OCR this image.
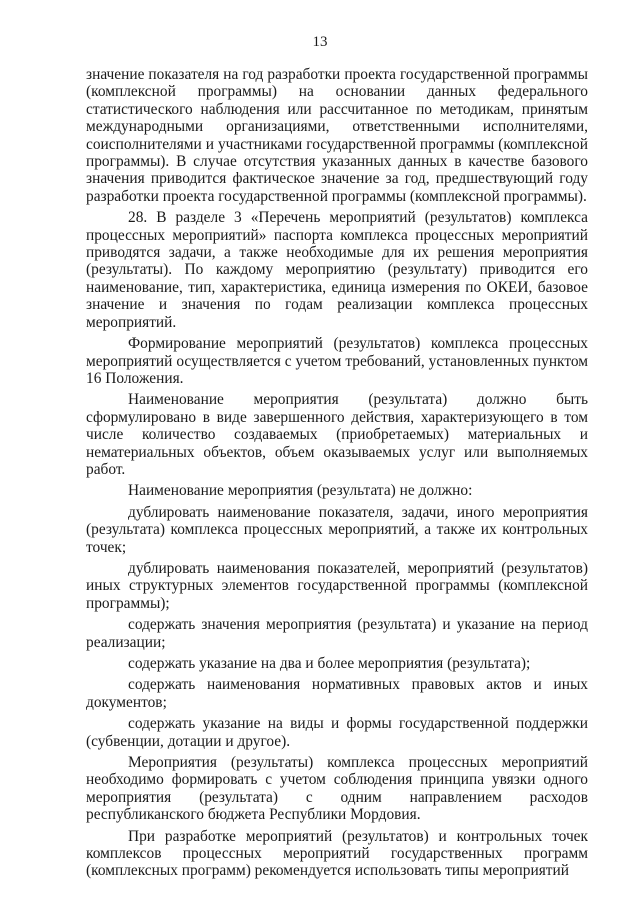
13

значение показателя на год разработки проекта государственной программы (комплексной программы) на основании данных федерального статистического наблюдения или рассчитанное по методикам, принятым международными организациями, ответственными исполнителями, соисполнителями и участниками государственной программы (комплексной программы). В случае отсутствия указанных данных в качестве базового значения приводится фактическое значение за год, предшествующий году разработки проекта государственной программы (комплексной программы).

28. В разделе 3 «Перечень мероприятий (результатов) комплекса процессных мероприятий» паспорта комплекса процессных мероприятий приводятся задачи, а также необходимые для их решения мероприятия (результаты). По каждому мероприятию (результату) приводится его наименование, тип, характеристика, единица измерения по ОКЕИ, базовое значение и значения по годам реализации комплекса процессных мероприятий.

Формирование мероприятий (результатов) комплекса процессных мероприятий осуществляется с учетом требований, установленных пунктом 16 Положения.

Наименование мероприятия (результата) должно быть сформулировано в виде завершенного действия, характеризующего в том числе количество создаваемых (приобретаемых) материальных и нематериальных объектов, объем оказываемых услуг или выполняемых работ.

Наименование мероприятия (результата) не должно:

дублировать наименование показателя, задачи, иного мероприятия (результата) комплекса процессных мероприятий, а также их контрольных точек;

дублировать наименования показателей, мероприятий (результатов) иных структурных элементов государственной программы (комплексной программы);

содержать значения мероприятия (результата) и указание на период реализации;

содержать указание на два и более мероприятия (результата);

содержать наименования нормативных правовых актов и иных документов;

содержать указание на виды и формы государственной поддержки (субвенции, дотации и другое).

Мероприятия (результаты) комплекса процессных мероприятий необходимо формировать с учетом соблюдения принципа увязки одного мероприятия (результата) с одним направлением расходов республиканского бюджета Республики Мордовия.

При разработке мероприятий (результатов) и контрольных точек комплексов процессных мероприятий государственных программ (комплексных программ) рекомендуется использовать типы мероприятий
